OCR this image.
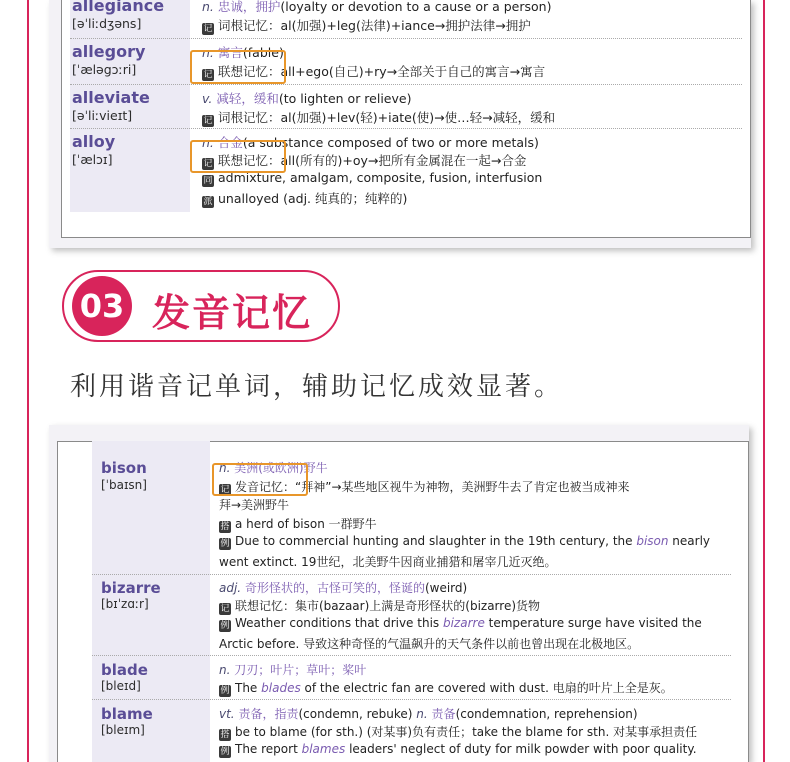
allegiance
[əˈliːdʒəns]
n. 忠诚，拥护(loyalty or devotion to a cause or a person)
记 词根记忆：al(加强)+leg(法律)+iance→拥护法律→拥护
allegory
[ˈæləgɔːri]
n. 寓言(fable)
记 联想记忆：all+ego(自己)+ry→全部关于自己的寓言→寓言
alleviate
[əˈliːvieɪt]
v. 减轻，缓和(to lighten or relieve)
记 词根记忆：al(加强)+lev(轻)+iate(使)→使…轻→减轻，缓和
alloy
[ˈælɔɪ]
n. 合金(a substance composed of two or more metals)
记 联想记忆：all(所有的)+oy→把所有金属混在一起→合金
同 admixture, amalgam, composite, fusion, interfusion
派 unalloyed (adj. 纯真的；纯粹的)
03 发音记忆
利用谐音记单词，辅助记忆成效显著。
bison
[ˈbaɪsn]
n. 美洲(或欧洲)野牛
记 发音记忆：“拜神”→某些地区视牛为神物，美洲野牛去了肯定也被当成神来
拜→美洲野牛
搭 a herd of bison 一群野牛
例 Due to commercial hunting and slaughter in the 19th century, the bison nearly
went extinct. 19世纪，北美野牛因商业捕猎和屠宰几近灭绝。
bizarre
[bɪˈzɑːr]
adj. 奇形怪状的，古怪可笑的，怪诞的(weird)
记 联想记忆：集市(bazaar)上满是奇形怪状的(bizarre)货物
例 Weather conditions that drive this bizarre temperature surge have visited the
Arctic before. 导致这种奇怪的气温飙升的天气条件以前也曾出现在北极地区。
blade
[bleɪd]
n. 刀刃；叶片；草叶；桨叶
例 The blades of the electric fan are covered with dust. 电扇的叶片上全是灰。
blame
[bleɪm]
vt. 责备，指责(condemn, rebuke) n. 责备(condemnation, reprehension)
搭 be to blame (for sth.) (对某事)负有责任；take the blame for sth. 对某事承担责任
例 The report blames leaders' neglect of duty for milk powder with poor quality.
